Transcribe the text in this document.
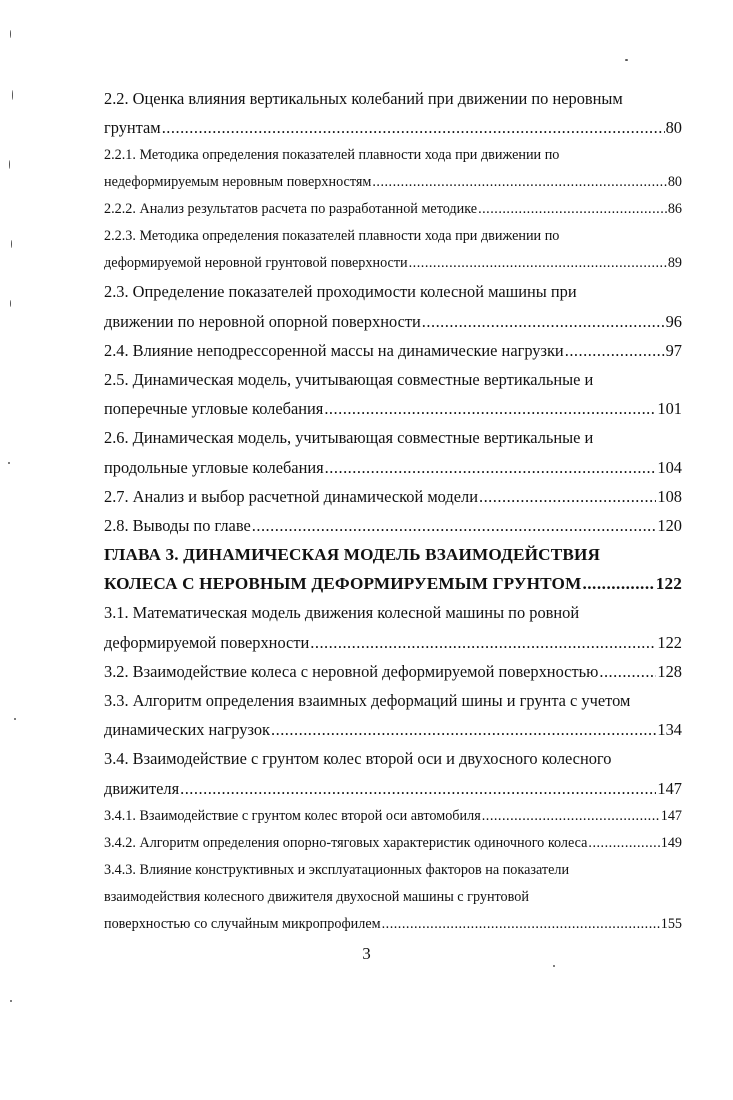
2.2. Оценка влияния вертикальных колебаний при движении по неровным
грунтам .....	80
2.2.1. Методика определения показателей плавности хода при движении по
недеформируемым неровным поверхностям .....	80
2.2.2. Анализ результатов расчета по разработанной методике .....	86
2.2.3. Методика определения показателей плавности хода при движении по
деформируемой неровной грунтовой поверхности .....	89
2.3. Определение показателей проходимости колесной машины при
движении по неровной опорной поверхности .....	96
2.4. Влияние неподрессоренной массы на динамические нагрузки .....	97
2.5. Динамическая модель, учитывающая совместные вертикальные и
поперечные угловые колебания .....	101
2.6. Динамическая модель, учитывающая совместные вертикальные и
продольные угловые колебания .....	104
2.7. Анализ и выбор расчетной динамической модели .....	108
2.8. Выводы по главе .....	120
ГЛАВА 3. ДИНАМИЧЕСКАЯ МОДЕЛЬ ВЗАИМОДЕЙСТВИЯ
КОЛЕСА С НЕРОВНЫМ ДЕФОРМИРУЕМЫМ ГРУНТОМ .....	122
3.1. Математическая модель движения колесной машины по ровной
деформируемой поверхности .....	122
3.2. Взаимодействие колеса с неровной деформируемой поверхностью .....	128
3.3. Алгоритм определения взаимных деформаций шины и грунта с учетом
динамических нагрузок .....	134
3.4. Взаимодействие с грунтом колес второй оси и двухосного колесного
движителя .....	147
3.4.1. Взаимодействие с грунтом колес второй оси автомобиля .....	147
3.4.2. Алгоритм определения опорно-тяговых характеристик одиночного колеса .....	149
3.4.3. Влияние конструктивных и эксплуатационных факторов на показатели
взаимодействия колесного движителя двухосной машины с грунтовой
поверхностью со случайным микропрофилем .....	155
3
